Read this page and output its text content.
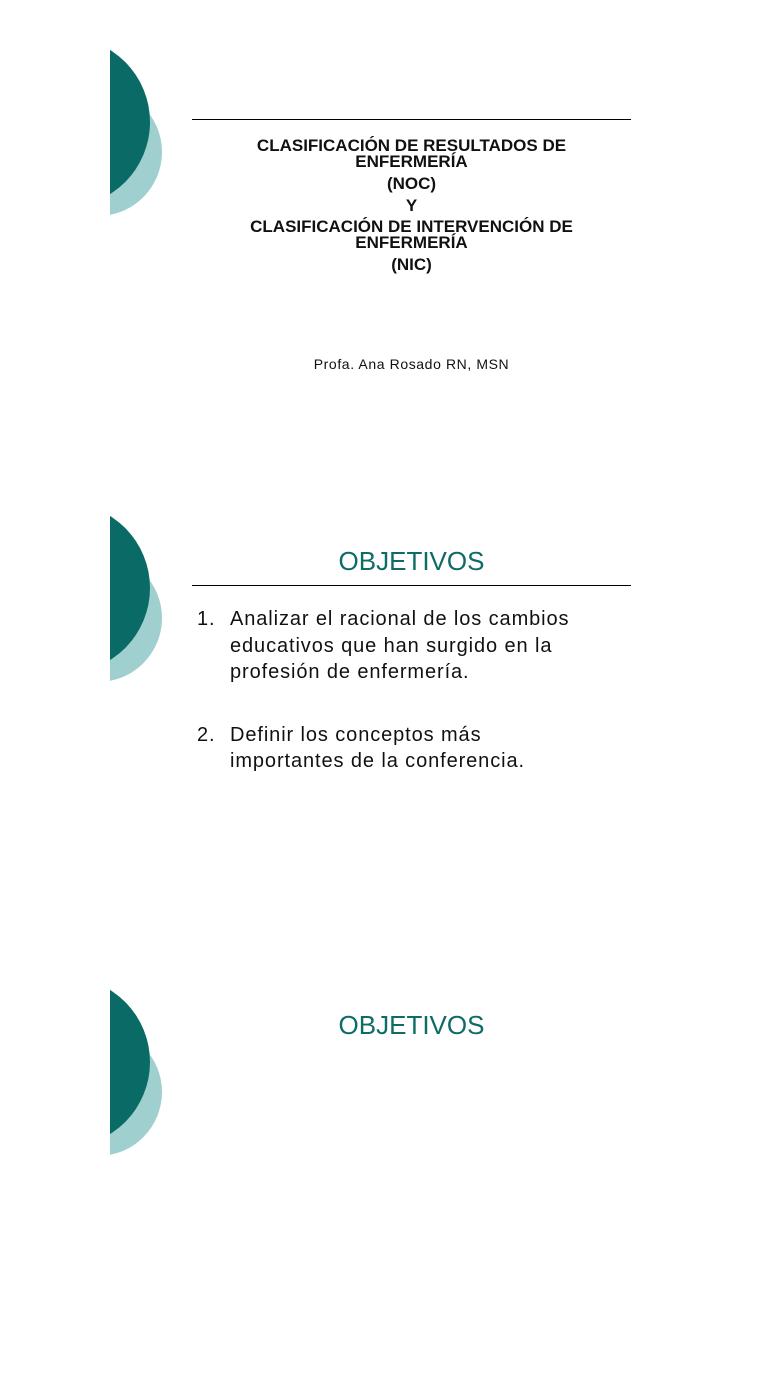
CLASIFICACIÓN DE RESULTADOS DE
ENFERMERÍA
(NOC)
Y
CLASIFICACIÓN DE INTERVENCIÓN DE
ENFERMERÍA
(NIC)
Profa. Ana Rosado RN, MSN
OBJETIVOS
1. Analizar el racional de los cambios
educativos que han surgido en la
profesión de enfermería.
2. Definir los conceptos más
importantes de la conferencia.
OBJETIVOS
